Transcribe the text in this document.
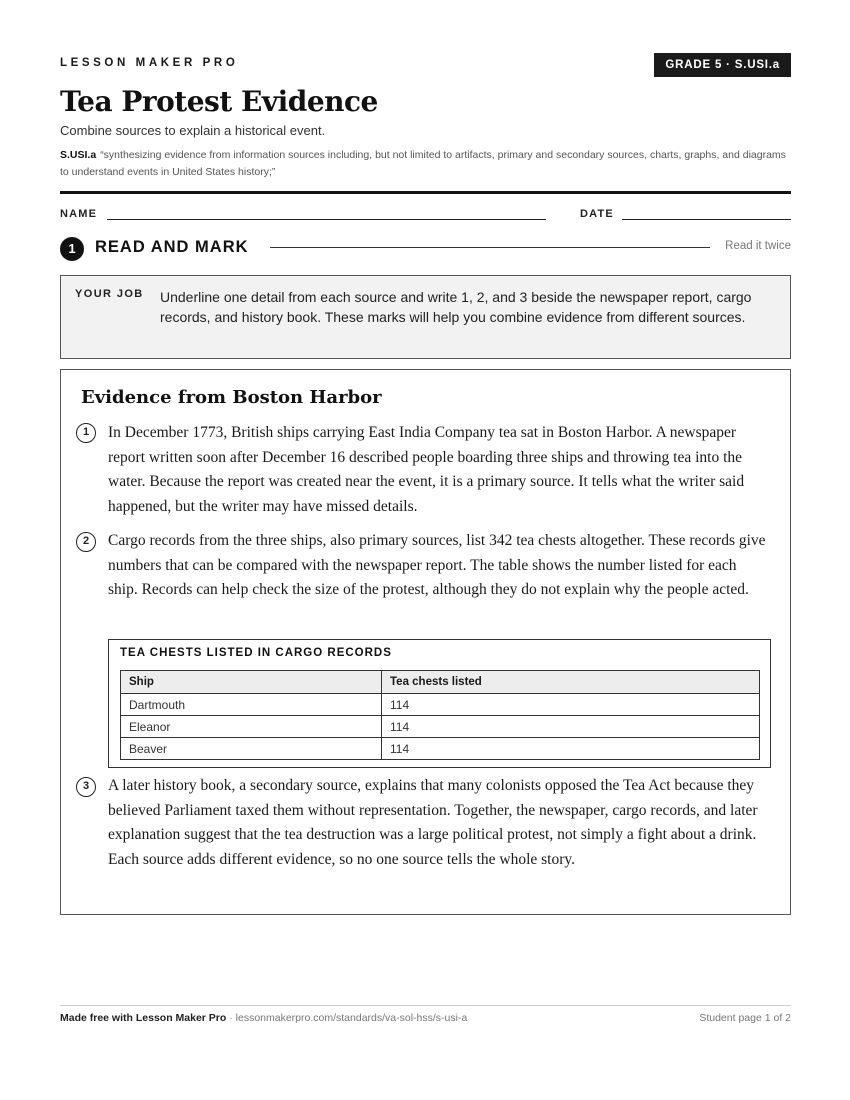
LESSON MAKER PRO	GRADE 5 · S.USI.a
Tea Protest Evidence
Combine sources to explain a historical event.
S.USI.a “synthesizing evidence from information sources including, but not limited to artifacts, primary and secondary sources, charts, graphs, and diagrams to understand events in United States history;”
NAME	DATE
1	READ AND MARK	Read it twice
YOUR JOB Underline one detail from each source and write 1, 2, and 3 beside the newspaper report, cargo records, and history book. These marks will help you combine evidence from different sources.
Evidence from Boston Harbor
1	In December 1773, British ships carrying East India Company tea sat in Boston Harbor. A newspaper report written soon after December 16 described people boarding three ships and throwing tea into the water. Because the report was created near the event, it is a primary source. It tells what the writer said happened, but the writer may have missed details.
2	Cargo records from the three ships, also primary sources, list 342 tea chests altogether. These records give numbers that can be compared with the newspaper report. The table shows the number listed for each ship. Records can help check the size of the protest, although they do not explain why the people acted.
TEA CHESTS LISTED IN CARGO RECORDS
Ship	Tea chests listed
Dartmouth	114
Eleanor	114
Beaver	114
3	A later history book, a secondary source, explains that many colonists opposed the Tea Act because they believed Parliament taxed them without representation. Together, the newspaper, cargo records, and later explanation suggest that the tea destruction was a large political protest, not simply a fight about a drink. Each source adds different evidence, so no one source tells the whole story.
Made free with Lesson Maker Pro · lessonmakerpro.com/standards/va-sol-hss/s-usi-a	Student page 1 of 2
